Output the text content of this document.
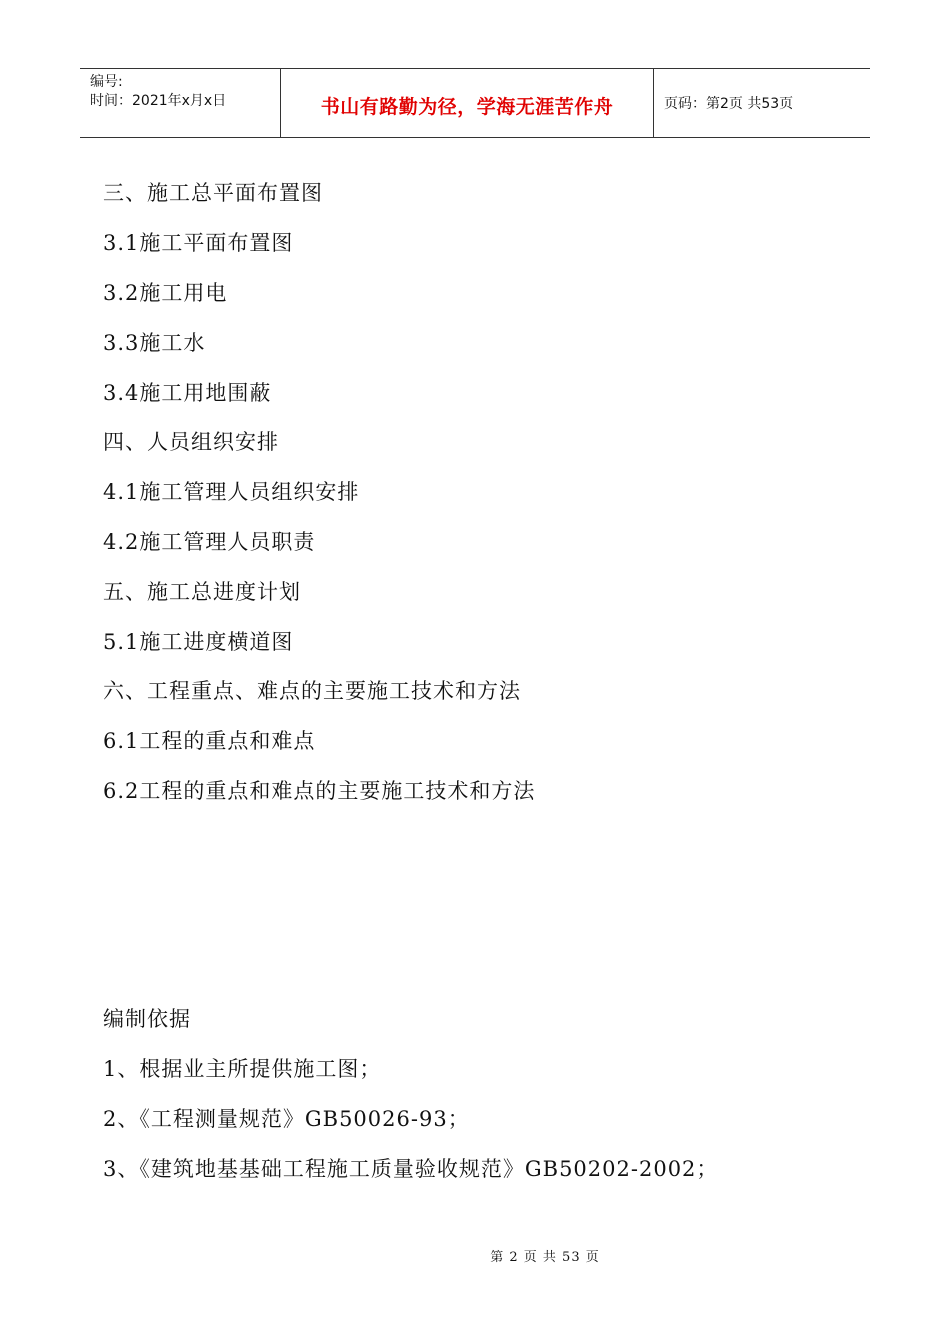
编号:
时间：2021年x月x日	书山有路勤为径，学海无涯苦作舟	页码：第2页 共53页
三、施工总平面布置图
3.1施工平面布置图
3.2施工用电
3.3施工水
3.4施工用地围蔽
四、人员组织安排
4.1施工管理人员组织安排
4.2施工管理人员职责
五、施工总进度计划
5.1施工进度横道图
六、工程重点、难点的主要施工技术和方法
6.1工程的重点和难点
6.2工程的重点和难点的主要施工技术和方法
编制依据
1、根据业主所提供施工图；
2、《工程测量规范》GB50026-93；
3、《建筑地基基础工程施工质量验收规范》GB50202-2002；
第 2 页 共 53 页
